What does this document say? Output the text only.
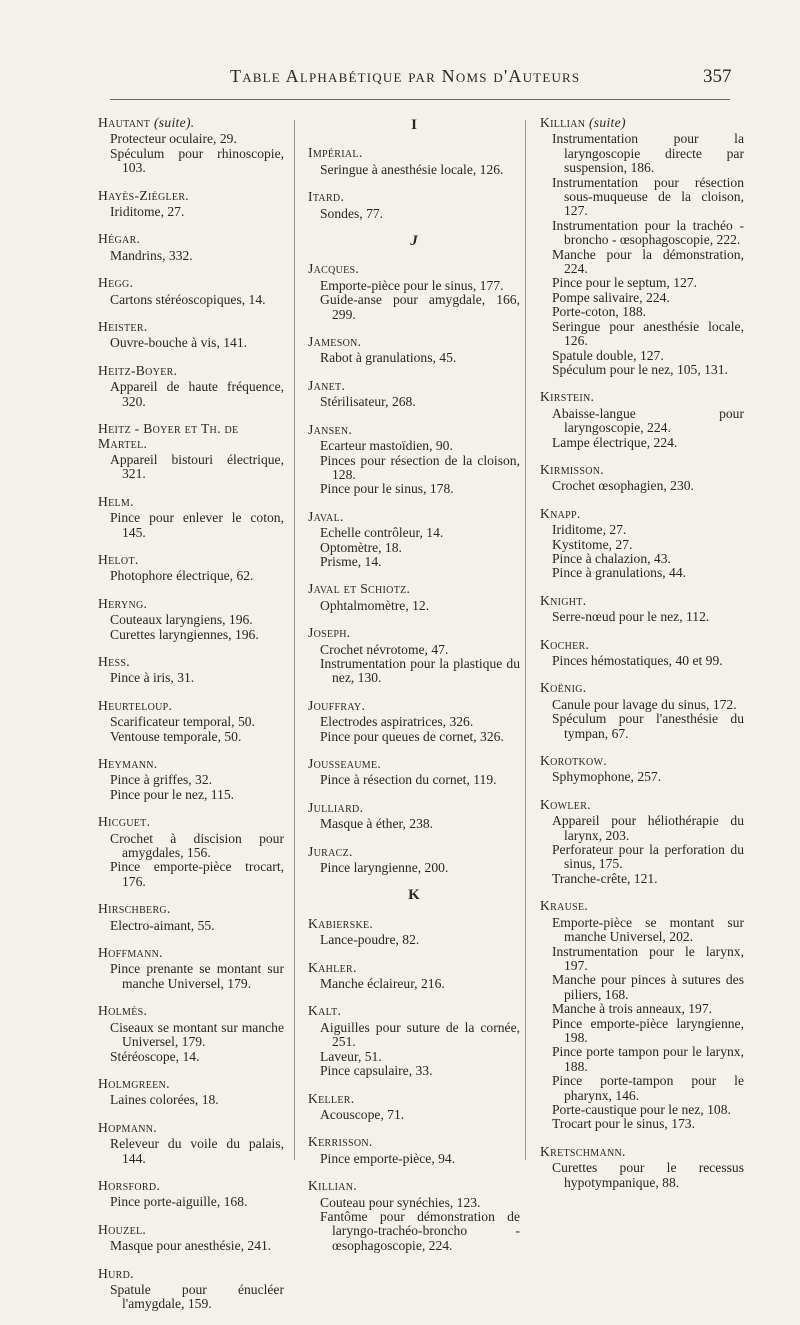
Table Alphabétique par Noms d'Auteurs	357
Hautant (suite).
Protecteur oculaire, 29.
Spéculum pour rhinoscopie, 103.
Hayès-Ziégler.
Iriditome, 27.
Hégar.
Mandrins, 332.
Hegg.
Cartons stéréoscopiques, 14.
Heister.
Ouvre-bouche à vis, 141.
Heitz-Boyer.
Appareil de haute fréquence, 320.
Heitz - Boyer et Th. de Martel.
Appareil bistouri électrique, 321.
Helm.
Pince pour enlever le coton, 145.
Helot.
Photophore électrique, 62.
Heryng.
Couteaux laryngiens, 196.
Curettes laryngiennes, 196.
Hess.
Pince à iris, 31.
Heurteloup.
Scarificateur temporal, 50.
Ventouse temporale, 50.
Heymann.
Pince à griffes, 32.
Pince pour le nez, 115.
Hicguet.
Crochet à discision pour amygdales, 156.
Pince emporte-pièce trocart, 176.
Hirschberg.
Electro-aimant, 55.
Hoffmann.
Pince prenante se montant sur manche Universel, 179.
Holmès.
Ciseaux se montant sur manche Universel, 179.
Stéréoscope, 14.
Holmgreen.
Laines colorées, 18.
Hopmann.
Releveur du voile du palais, 144.
Horsford.
Pince porte-aiguille, 168.
Houzel.
Masque pour anesthésie, 241.
Hurd.
Spatule pour énucléer l'amygdale, 159.
I
Impérial.
Seringue à anesthésie locale, 126.
Itard.
Sondes, 77.
J
Jacques.
Emporte-pièce pour le sinus, 177.
Guide-anse pour amygdale, 166, 299.
Jameson.
Rabot à granulations, 45.
Janet.
Stérilisateur, 268.
Jansen.
Ecarteur mastoïdien, 90.
Pinces pour résection de la cloison, 128.
Pince pour le sinus, 178.
Javal.
Echelle contrôleur, 14.
Optomètre, 18.
Prisme, 14.
Javal et Schiotz.
Ophtalmomètre, 12.
Joseph.
Crochet névrotome, 47.
Instrumentation pour la plastique du nez, 130.
Jouffray.
Electrodes aspiratrices, 326.
Pince pour queues de cornet, 326.
Jousseaume.
Pince à résection du cornet, 119.
Julliard.
Masque à éther, 238.
Juracz.
Pince laryngienne, 200.
K
Kabierske.
Lance-poudre, 82.
Kahler.
Manche éclaireur, 216.
Kalt.
Aiguilles pour suture de la cornée, 251.
Laveur, 51.
Pince capsulaire, 33.
Keller.
Acouscope, 71.
Kerrisson.
Pince emporte-pièce, 94.
Killian.
Couteau pour synéchies, 123.
Fantôme pour démonstration de laryngo-trachéo-broncho - œsophagoscopie, 224.
Killian (suite)
Instrumentation pour la laryngoscopie directe par suspension, 186.
Instrumentation pour résection sous-muqueuse de la cloison, 127.
Instrumentation pour la trachéo - broncho - œsophagoscopie, 222.
Manche pour la démonstration, 224.
Pince pour le septum, 127.
Pompe salivaire, 224.
Porte-coton, 188.
Seringue pour anesthésie locale, 126.
Spatule double, 127.
Spéculum pour le nez, 105, 131.
Kirstein.
Abaisse-langue pour laryngoscopie, 224.
Lampe électrique, 224.
Kirmisson.
Crochet œsophagien, 230.
Knapp.
Iriditome, 27.
Kystitome, 27.
Pince à chalazion, 43.
Pince à granulations, 44.
Knight.
Serre-nœud pour le nez, 112.
Kocher.
Pinces hémostatiques, 40 et 99.
Koënig.
Canule pour lavage du sinus, 172.
Spéculum pour l'anesthésie du tympan, 67.
Korotkow.
Sphymophone, 257.
Kowler.
Appareil pour héliothérapie du larynx, 203.
Perforateur pour la perforation du sinus, 175.
Tranche-crête, 121.
Krause.
Emporte-pièce se montant sur manche Universel, 202.
Instrumentation pour le larynx, 197.
Manche pour pinces à sutures des piliers, 168.
Manche à trois anneaux, 197.
Pince emporte-pièce laryngienne, 198.
Pince porte tampon pour le larynx, 188.
Pince porte-tampon pour le pharynx, 146.
Porte-caustique pour le nez, 108.
Trocart pour le sinus, 173.
Kretschmann.
Curettes pour le recessus hypotympanique, 88.
